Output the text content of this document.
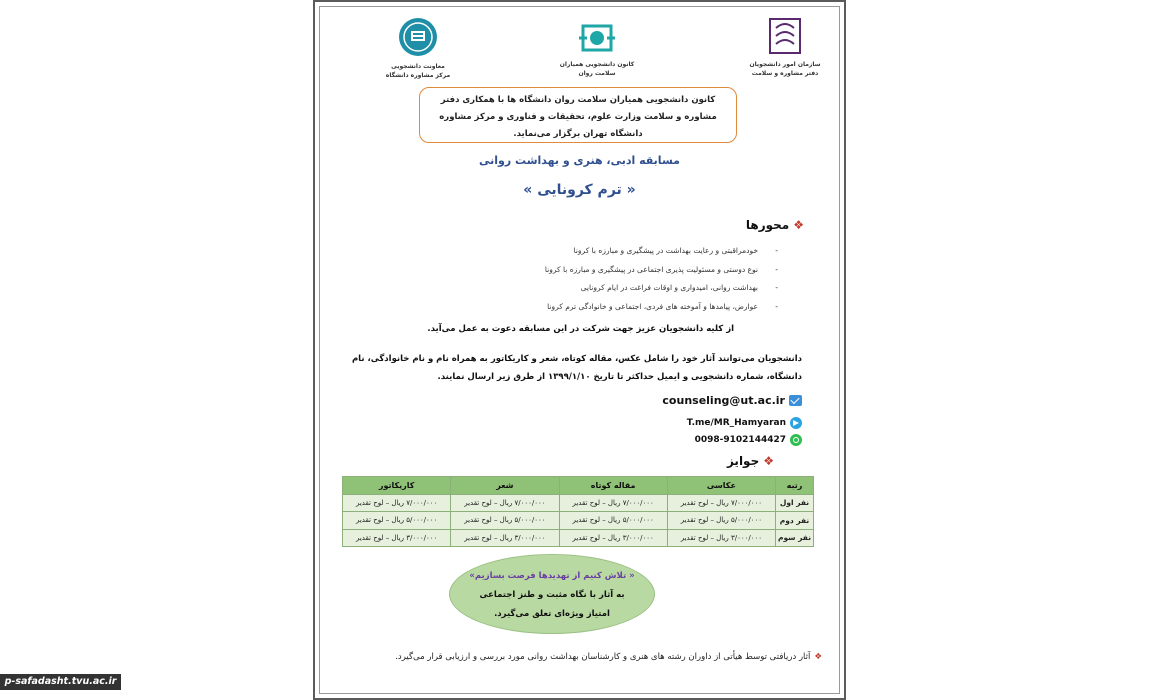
معاونت دانشجویی
مرکز مشاوره دانشگاه
کانون دانشجویی همیاران
سلامت روان
سازمان امور دانشجویان
دفتر مشاوره و سلامت
کانون دانشجویی همیاران سلامت روان دانشگاه ها با همکاری دفتر مشاوره و سلامت وزارت علوم، تحقیقات و فناوری و مرکز مشاوره دانشگاه تهران برگزار می‌نماید.
مسابقه ادبی، هنری و بهداشت روانی
« ترم کرونایی »
❖محورها
- خودمراقبتی و رعایت بهداشت در پیشگیری و مبارزه با کرونا
- نوع دوستی و مسئولیت پذیری اجتماعی در پیشگیری و مبارزه با کرونا
- بهداشت روانی، امیدواری و اوقات فراغت در ایام کرونایی
- عوارض، پیامدها و آموخته های فردی، اجتماعی و خانوادگی ترم کرونا
از کلیه دانشجویان عزیز جهت شرکت در این مسابقه دعوت به عمل می‌آید.
دانشجویان می‌توانند آثار خود را شامل عکس، مقاله کوتاه، شعر و کاریکاتور به همراه نام و نام خانوادگی، نام دانشگاه، شماره دانشجویی و ایمیل حداکثر تا تاریخ ۱۳۹۹/۱/۱۰ از طرق زیر ارسال نمایند.
counseling@ut.ac.ir
T.me/MR_Hamyaran
0098-9102144427
❖جوایز
رتبه	عکاسی	مقاله کوتاه	شعر	کاریکاتور
نفر اول	۷/۰۰۰/۰۰۰ ریال – لوح تقدیر	۷/۰۰۰/۰۰۰ ریال – لوح تقدیر	۷/۰۰۰/۰۰۰ ریال – لوح تقدیر	۷/۰۰۰/۰۰۰ ریال – لوح تقدیر
نفر دوم	۵/۰۰۰/۰۰۰ ریال – لوح تقدیر	۵/۰۰۰/۰۰۰ ریال – لوح تقدیر	۵/۰۰۰/۰۰۰ ریال – لوح تقدیر	۵/۰۰۰/۰۰۰ ریال – لوح تقدیر
نفر سوم	۳/۰۰۰/۰۰۰ ریال – لوح تقدیر	۳/۰۰۰/۰۰۰ ریال – لوح تقدیر	۳/۰۰۰/۰۰۰ ریال – لوح تقدیر	۳/۰۰۰/۰۰۰ ریال – لوح تقدیر
« تلاش کنیم از تهدیدها فرصت بسازیم»
به آثار با نگاه مثبت و طنز اجتماعی
امتیاز ویژه‌ای تعلق می‌گیرد.
❖آثار دریافتی توسط هیأتی از داوران رشته های هنری و کارشناسان بهداشت روانی مورد بررسی و ارزیابی قرار می‌گیرد.
p-safadasht.tvu.ac.ir
